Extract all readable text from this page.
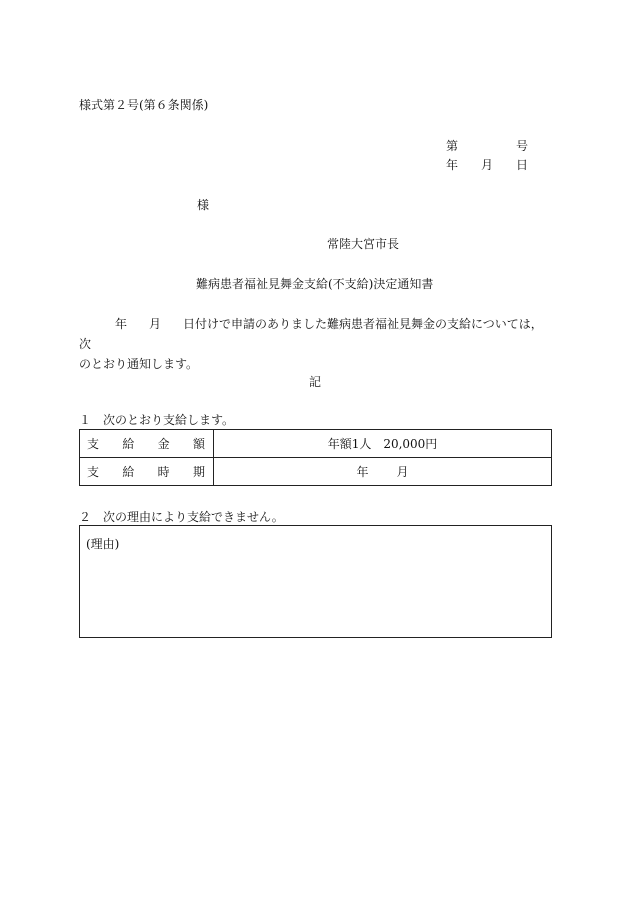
様式第２号(第６条関係)
第	号
年 月 日
様
常陸大宮市長
難病患者福祉見舞金支給(不支給)決定通知書
年 月 日付けで申請のありました難病患者福祉見舞金の支給については，次
のとおり通知します。
記
１　次のとおり支給します。
支 給 金 額	年額1人　20,000円

支 給 時 期	年 月
２　次の理由により支給できません。
(理由)
